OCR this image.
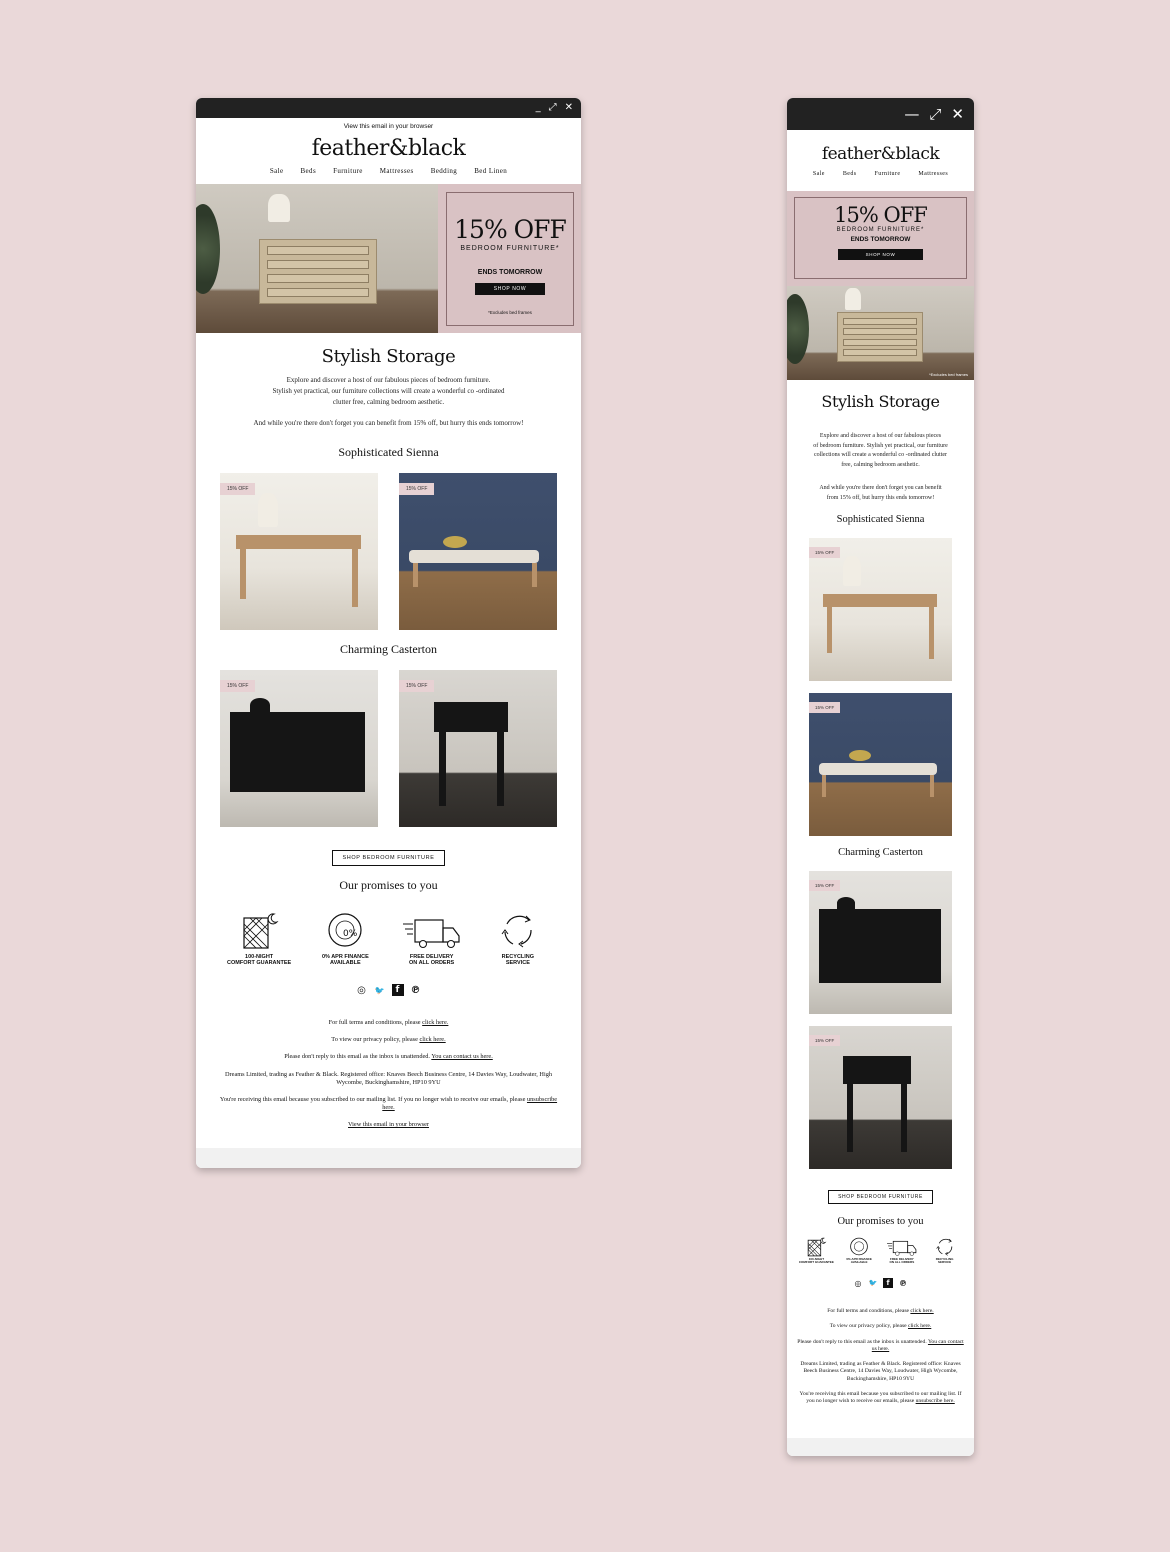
_ ⤢ ✕
View this email in your browser
feather&black
Sale Beds Furniture Mattresses Bedding Bed Linen
15% OFF
BEDROOM FURNITURE*
ENDS TOMORROW
SHOP NOW
*Excludes bed frames
Stylish Storage

Explore and discover a host of our fabulous pieces of bedroom furniture.
Stylish yet practical, our furniture collections will create a wonderful co -ordinated
clutter free, calming bedroom aesthetic.

And while you're there don't forget you can benefit from 15% off, but hurry this ends tomorrow!

Sophisticated Sienna
15% OFF	15% OFF
Charming Casterton
15% OFF	15% OFF
SHOP BEDROOM FURNITURE
Our promises to you
100-NIGHT
COMFORT GUARANTEE
0% APR FINANCE
AVAILABLE
FREE DELIVERY
ON ALL ORDERS
RECYCLING
SERVICE
0%
◎ 🐦	f	℗

For full terms and conditions, please click here.

To view our privacy policy, please click here.

Please don't reply to this email as the inbox is unattended. You can contact us here.

Dreams Limited, trading as Feather & Black. Registered office: Knaves Beech Business Centre, 14 Davies Way, Loudwater, High Wycombe, Buckinghamshire, HP10 9YU

You're receiving this email because you subscribed to our mailing list. If you no longer wish to receive our emails, please unsubscribe here.

View this email in your browser

— ⤢ ✕
feather&black
Sale	Beds	Furniture	Mattresses
15% OFF
BEDROOM FURNITURE*
ENDS TOMORROW
SHOP NOW
*Excludes bed frames
Stylish Storage

Explore and discover a host of our fabulous pieces
of bedroom furniture. Stylish yet practical, our furniture
collections will create a wonderful co -ordinated clutter
free, calming bedroom aesthetic.

And while you're there don't forget you can benefit
from 15% off, but hurry this ends tomorrow!

Sophisticated Sienna
15% OFF
15% OFF
Charming Casterton
15% OFF
15% OFF
SHOP BEDROOM FURNITURE
Our promises to you
100-NIGHT
COMFORT GUARANTEE
0% APR FINANCE
AVAILABLE
FREE DELIVERY
ON ALL ORDERS
RECYCLING
SERVICE
◎ 🐦	f	℗

For full terms and conditions, please click here.

To view our privacy policy, please click here.

Please don't reply to this email as the inbox is unattended. You can contact us here.

Dreams Limited, trading as Feather & Black. Registered office: Knaves Beech Business Centre, 14 Davies Way, Loudwater, High Wycombe, Buckinghamshire, HP10 9YU

You're receiving this email because you subscribed to our mailing list. If you no longer wish to receive our emails, please unsubscribe here.
